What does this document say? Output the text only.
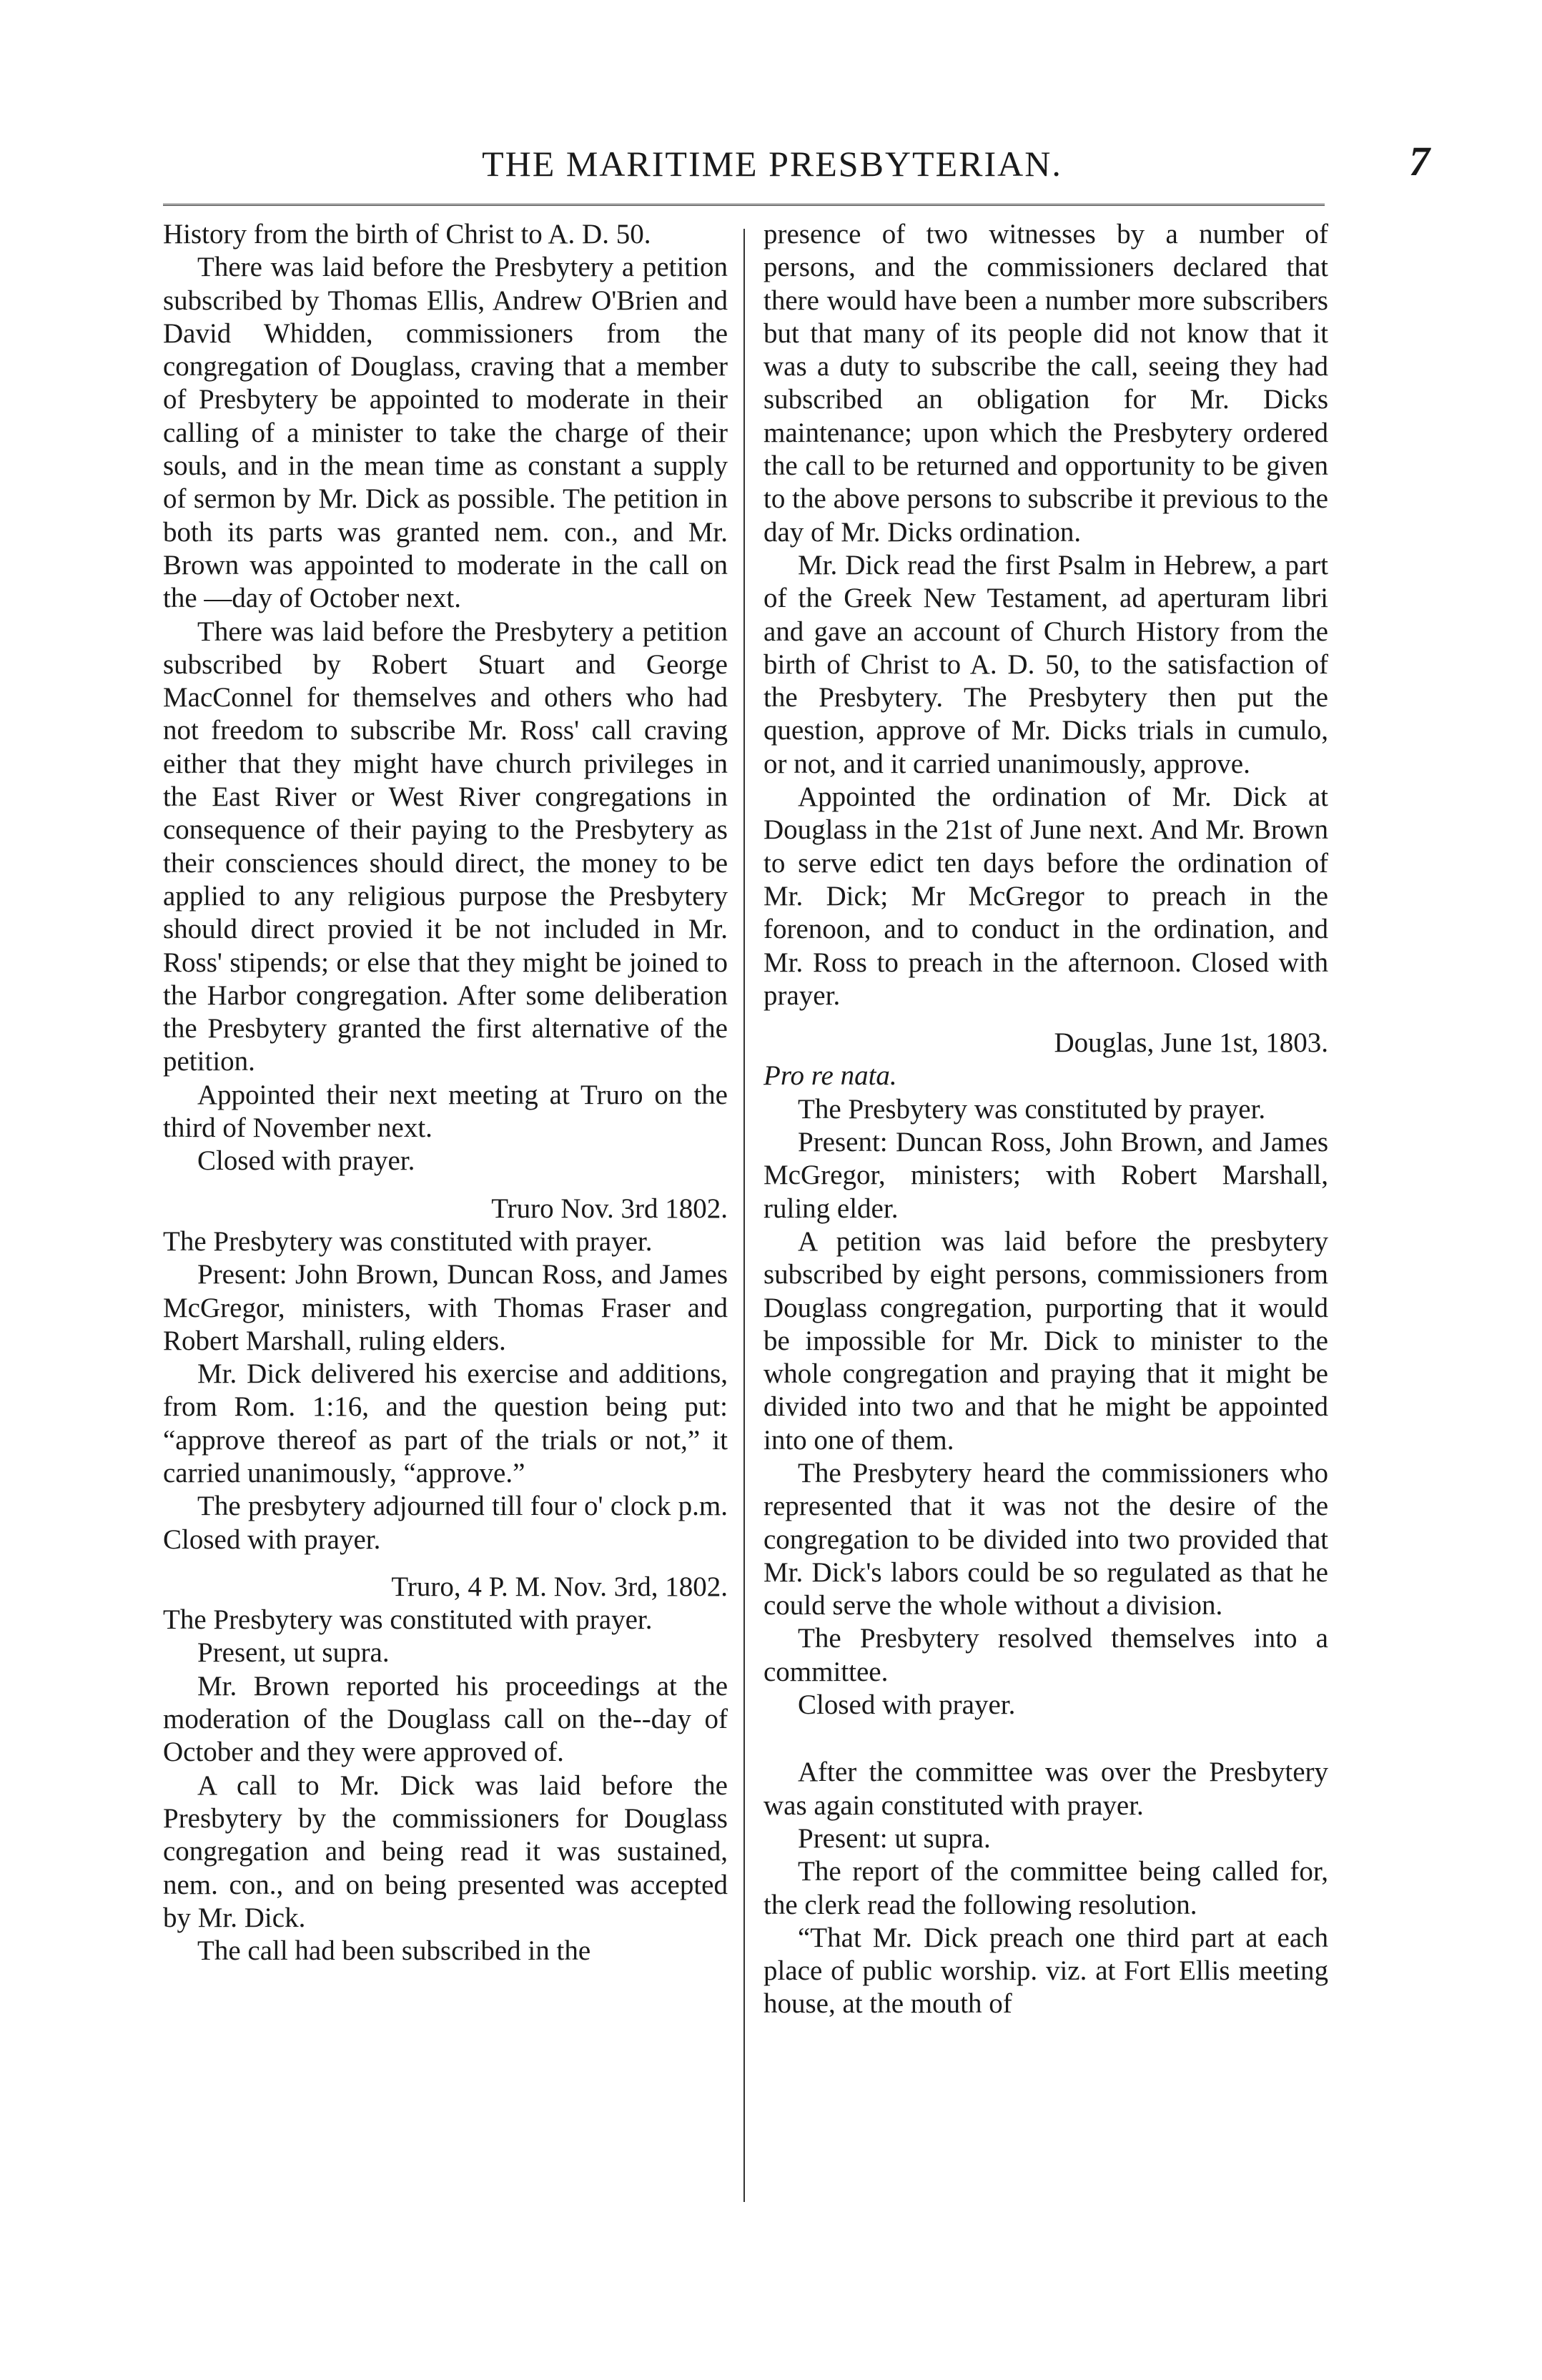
THE MARITIME PRESBYTERIAN.	7

History from the birth of Christ to A. D. 50.

There was laid before the Presbytery a petition subscribed by Thomas Ellis, Andrew O'Brien and David Whidden, commissioners from the congregation of Douglass, craving that a member of Presbytery be appointed to moderate in their calling of a minister to take the charge of their souls, and in the mean time as constant a supply of sermon by Mr. Dick as possible. The petition in both its parts was granted nem. con., and Mr. Brown was appointed to moderate in the call on the —day of October next.

There was laid before the Presbytery a petition subscribed by Robert Stuart and George MacConnel for themselves and others who had not freedom to subscribe Mr. Ross' call craving either that they might have church privileges in the East River or West River congregations in consequence of their paying to the Presbytery as their consciences should direct, the money to be applied to any religious purpose the Presbytery should direct provied it be not included in Mr. Ross' stipends; or else that they might be joined to the Harbor congregation. After some deliberation the Presbytery granted the first alternative of the petition.

Appointed their next meeting at Truro on the third of November next.

Closed with prayer.

Truro Nov. 3rd 1802.

The Presbytery was constituted with prayer.

Present: John Brown, Duncan Ross, and James McGregor, ministers, with Thomas Fraser and Robert Marshall, ruling elders.

Mr. Dick delivered his exercise and additions, from Rom. 1:16, and the question being put: “approve thereof as part of the trials or not,” it carried unanimously, “approve.”

The presbytery adjourned till four o' clock p.m. Closed with prayer.

Truro, 4 P. M. Nov. 3rd, 1802.

The Presbytery was constituted with prayer.

Present, ut supra.

Mr. Brown reported his proceedings at the moderation of the Douglass call on the--day of October and they were approved of.

A call to Mr. Dick was laid before the Presbytery by the commissioners for Douglass congregation and being read it was sustained, nem. con., and on being presented was accepted by Mr. Dick.

The call had been subscribed in the

presence of two witnesses by a number of persons, and the commissioners declared that there would have been a number more subscribers but that many of its people did not know that it was a duty to subscribe the call, seeing they had subscribed an obligation for Mr. Dicks maintenance; upon which the Presbytery ordered the call to be returned and opportunity to be given to the above persons to subscribe it previous to the day of Mr. Dicks ordination.

Mr. Dick read the first Psalm in Hebrew, a part of the Greek New Testament, ad aperturam libri and gave an account of Church History from the birth of Christ to A. D. 50, to the satisfaction of the Presbytery. The Presbytery then put the question, approve of Mr. Dicks trials in cumulo, or not, and it carried unanimously, approve.

Appointed the ordination of Mr. Dick at Douglass in the 21st of June next. And Mr. Brown to serve edict ten days before the ordination of Mr. Dick; Mr McGregor to preach in the forenoon, and to conduct in the ordination, and Mr. Ross to preach in the afternoon. Closed with prayer.

Douglas, June 1st, 1803.

Pro re nata.

The Presbytery was constituted by prayer.

Present: Duncan Ross, John Brown, and James McGregor, ministers; with Robert Marshall, ruling elder.

A petition was laid before the presbytery subscribed by eight persons, commissioners from Douglass congregation, purporting that it would be impossible for Mr. Dick to minister to the whole congregation and praying that it might be divided into two and that he might be appointed into one of them.

The Presbytery heard the commissioners who represented that it was not the desire of the congregation to be divided into two provided that Mr. Dick's labors could be so regulated as that he could serve the whole without a division.

The Presbytery resolved themselves into a committee.

Closed with prayer.

After the committee was over the Presbytery was again constituted with prayer.

Present: ut supra.

The report of the committee being called for, the clerk read the following resolution.

“That Mr. Dick preach one third part at each place of public worship. viz. at Fort Ellis meeting house, at the mouth of
